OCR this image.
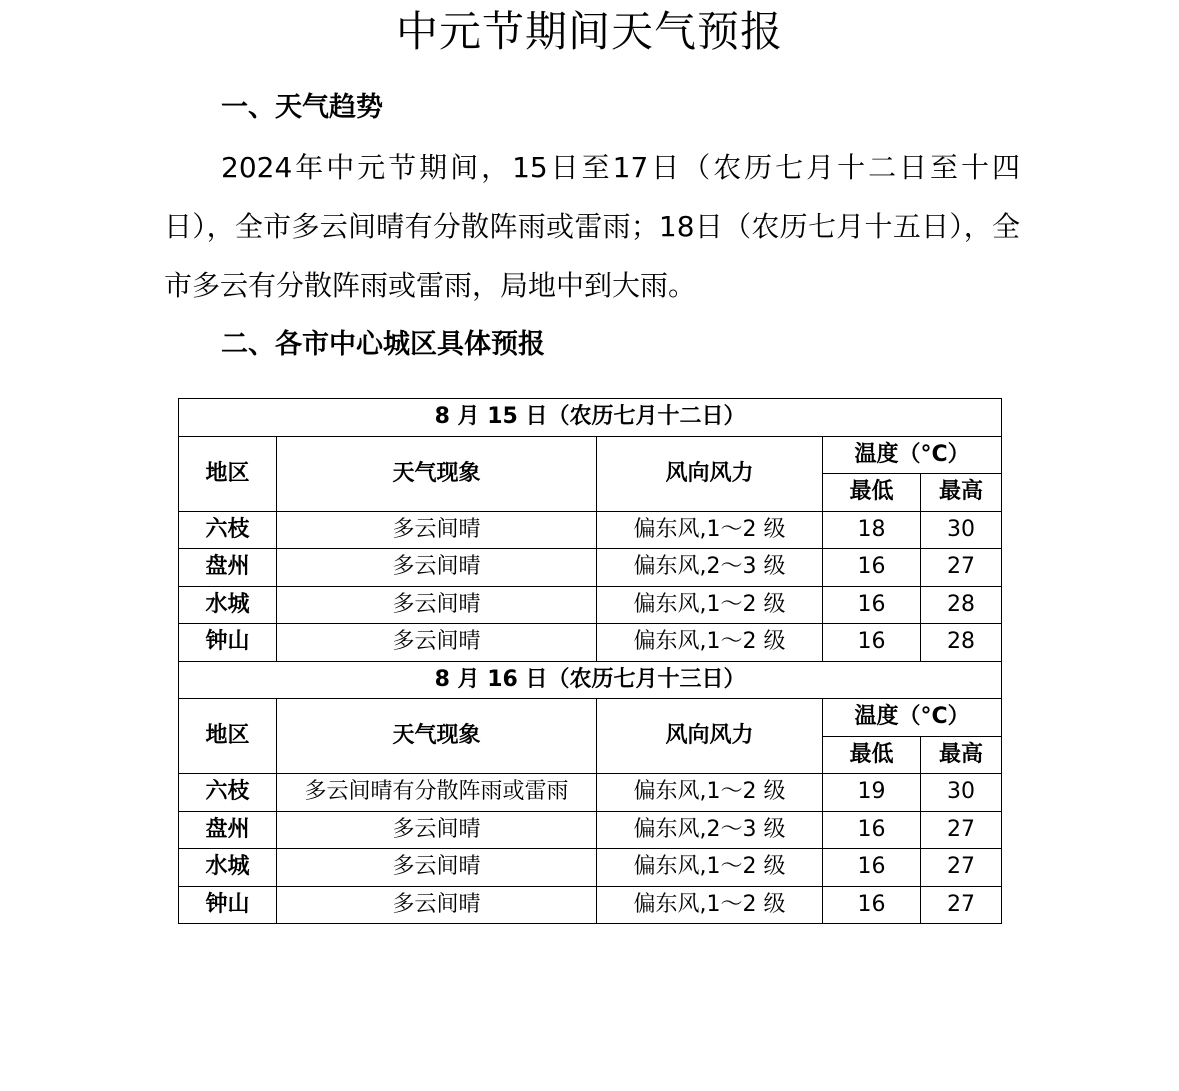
中元节期间天气预报
一、天气趋势

2024年中元节期间，15日至17日（农历七月十二日至十四日），全市多云间晴有分散阵雨或雷雨；18日（农历七月十五日），全市多云有分散阵雨或雷雨，局地中到大雨。

二、各市中心城区具体预报
8 月 15 日（农历七月十二日）				
地区	天气现象	风向风力	温度（°C）	
			最低	最高
六枝	多云间晴	偏东风,1～2 级	18	30
盘州	多云间晴	偏东风,2～3 级	16	27
水城	多云间晴	偏东风,1～2 级	16	28
钟山	多云间晴	偏东风,1～2 级	16	28
8 月 16 日（农历七月十三日）				
地区	天气现象	风向风力	温度（°C）	
			最低	最高
六枝	多云间晴有分散阵雨或雷雨	偏东风,1～2 级	19	30
盘州	多云间晴	偏东风,2～3 级	16	27
水城	多云间晴	偏东风,1～2 级	16	27
钟山	多云间晴	偏东风,1～2 级	16	27
